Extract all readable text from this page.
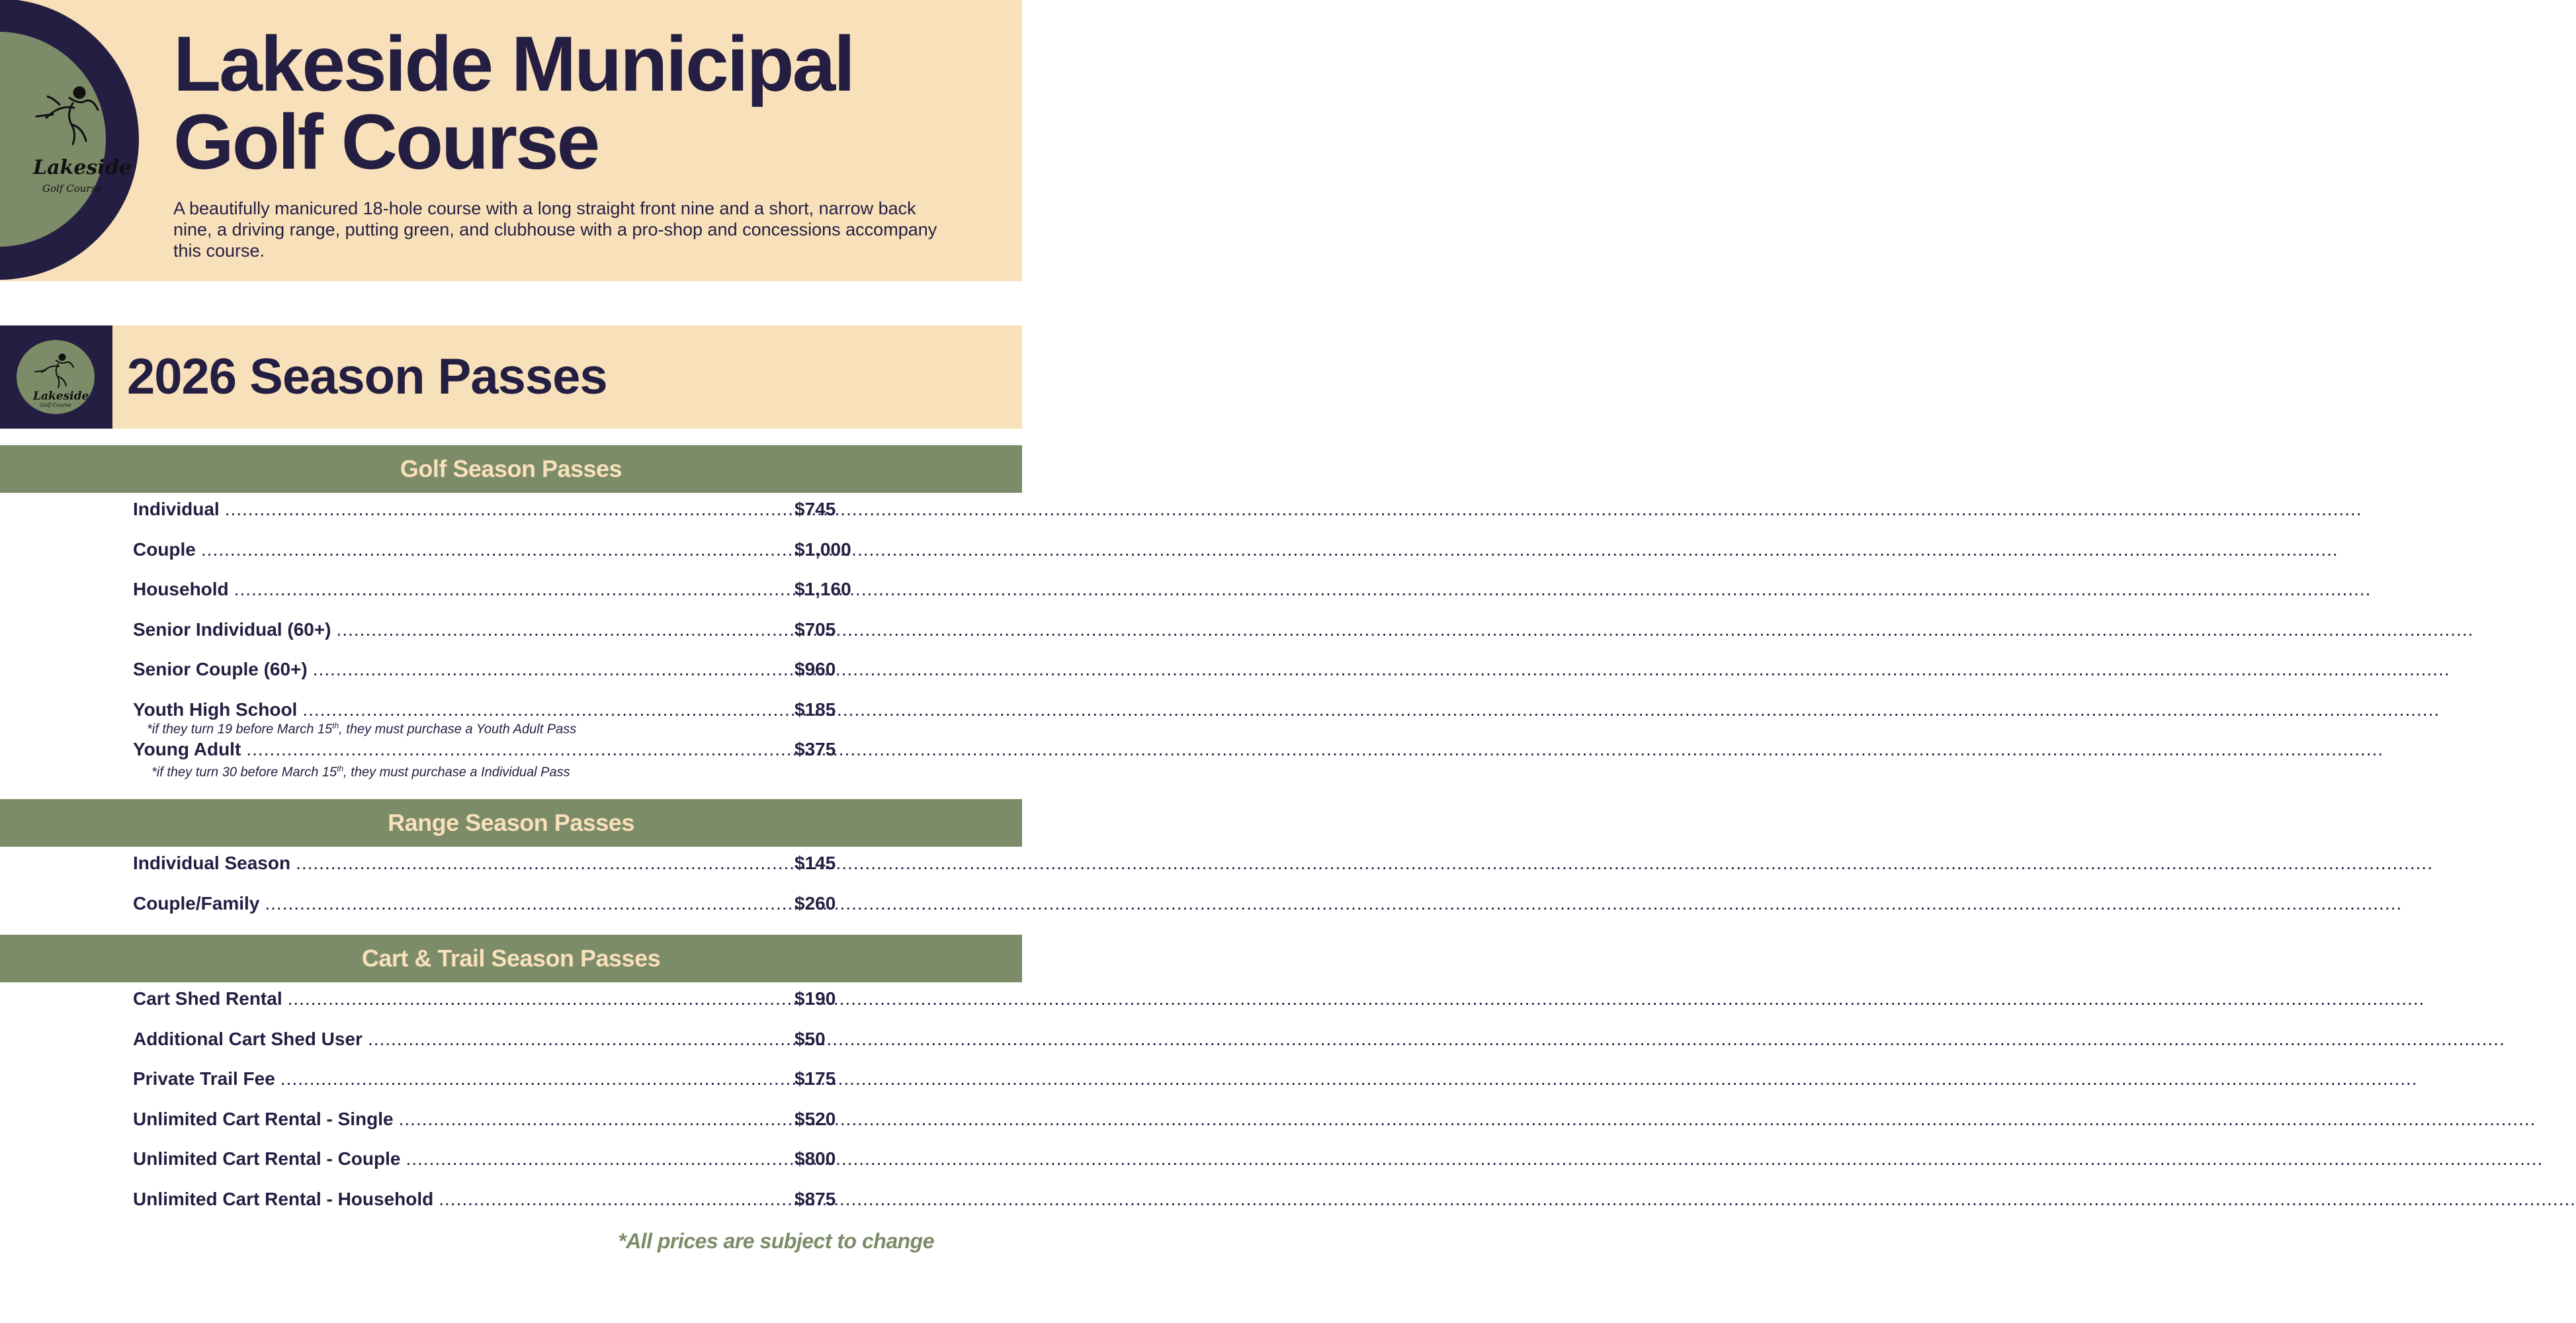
Lakeside
Golf Course
Lakeside Municipal
Golf Course

A beautifully manicured 18-hole course with a long straight front nine and a short, narrow back nine, a driving range, putting green, and clubhouse with a pro-shop and concessions accompany this course.

Lakeside
Golf Course
2026 Season Passes
Golf Season Passes
Individual .....	$745
Couple .....	$1,000
Household .....	$1,160
Senior Individual (60+) .....	$705
Senior Couple (60+) .....	$960
Youth High School .....	$185
*if they turn 19 before March 15th, they must purchase a Youth Adult Pass
Young Adult .....	$375
*if they turn 30 before March 15th, they must purchase a Individual Pass
Range Season Passes
Individual Season .....	$145
Couple/Family .....	$260
Cart & Trail Season Passes
Cart Shed Rental .....	$190
Additional Cart Shed User .....	$50
Private Trail Fee .....	$175
Unlimited Cart Rental - Single .....	$520
Unlimited Cart Rental - Couple .....	$800
Unlimited Cart Rental - Household .....	$875
*All prices are subject to change
